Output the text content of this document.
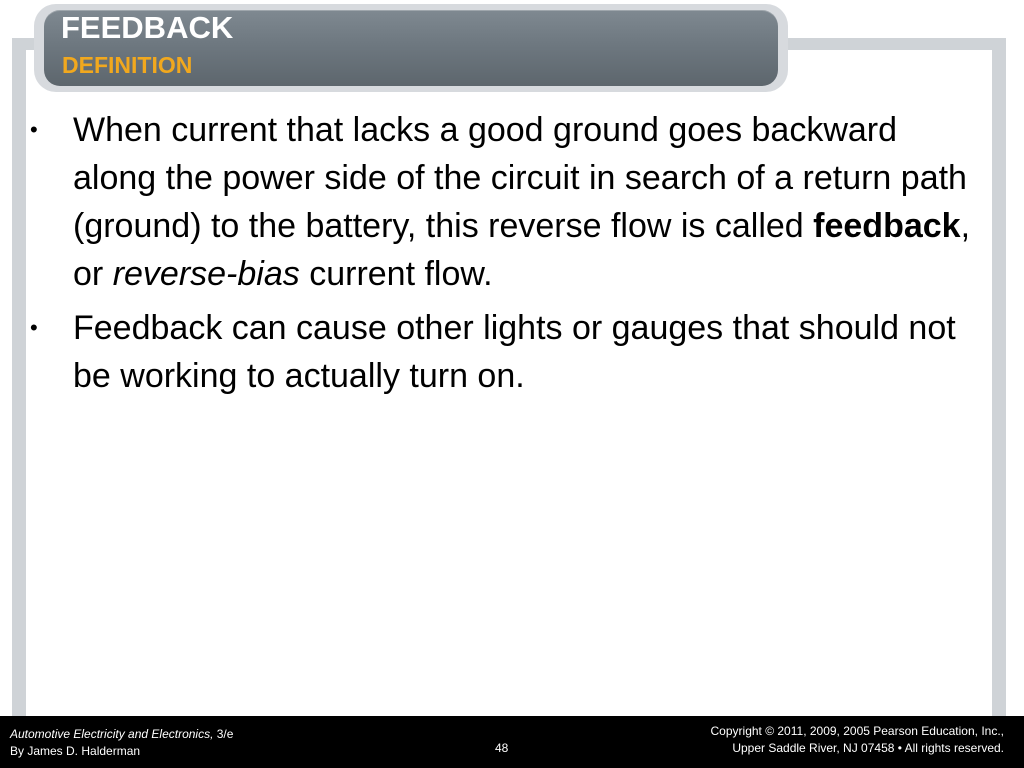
FEEDBACK
DEFINITION
• When current that lacks a good ground goes backward along the power side of the circuit in search of a return path (ground) to the battery, this reverse flow is called feedback, or reverse-bias current flow.
• Feedback can cause other lights or gauges that should not be working to actually turn on.
Automotive Electricity and Electronics, 3/e
By James D. Halderman	48
Copyright © 2011, 2009, 2005 Pearson Education, Inc.,
Upper Saddle River, NJ 07458 • All rights reserved.
